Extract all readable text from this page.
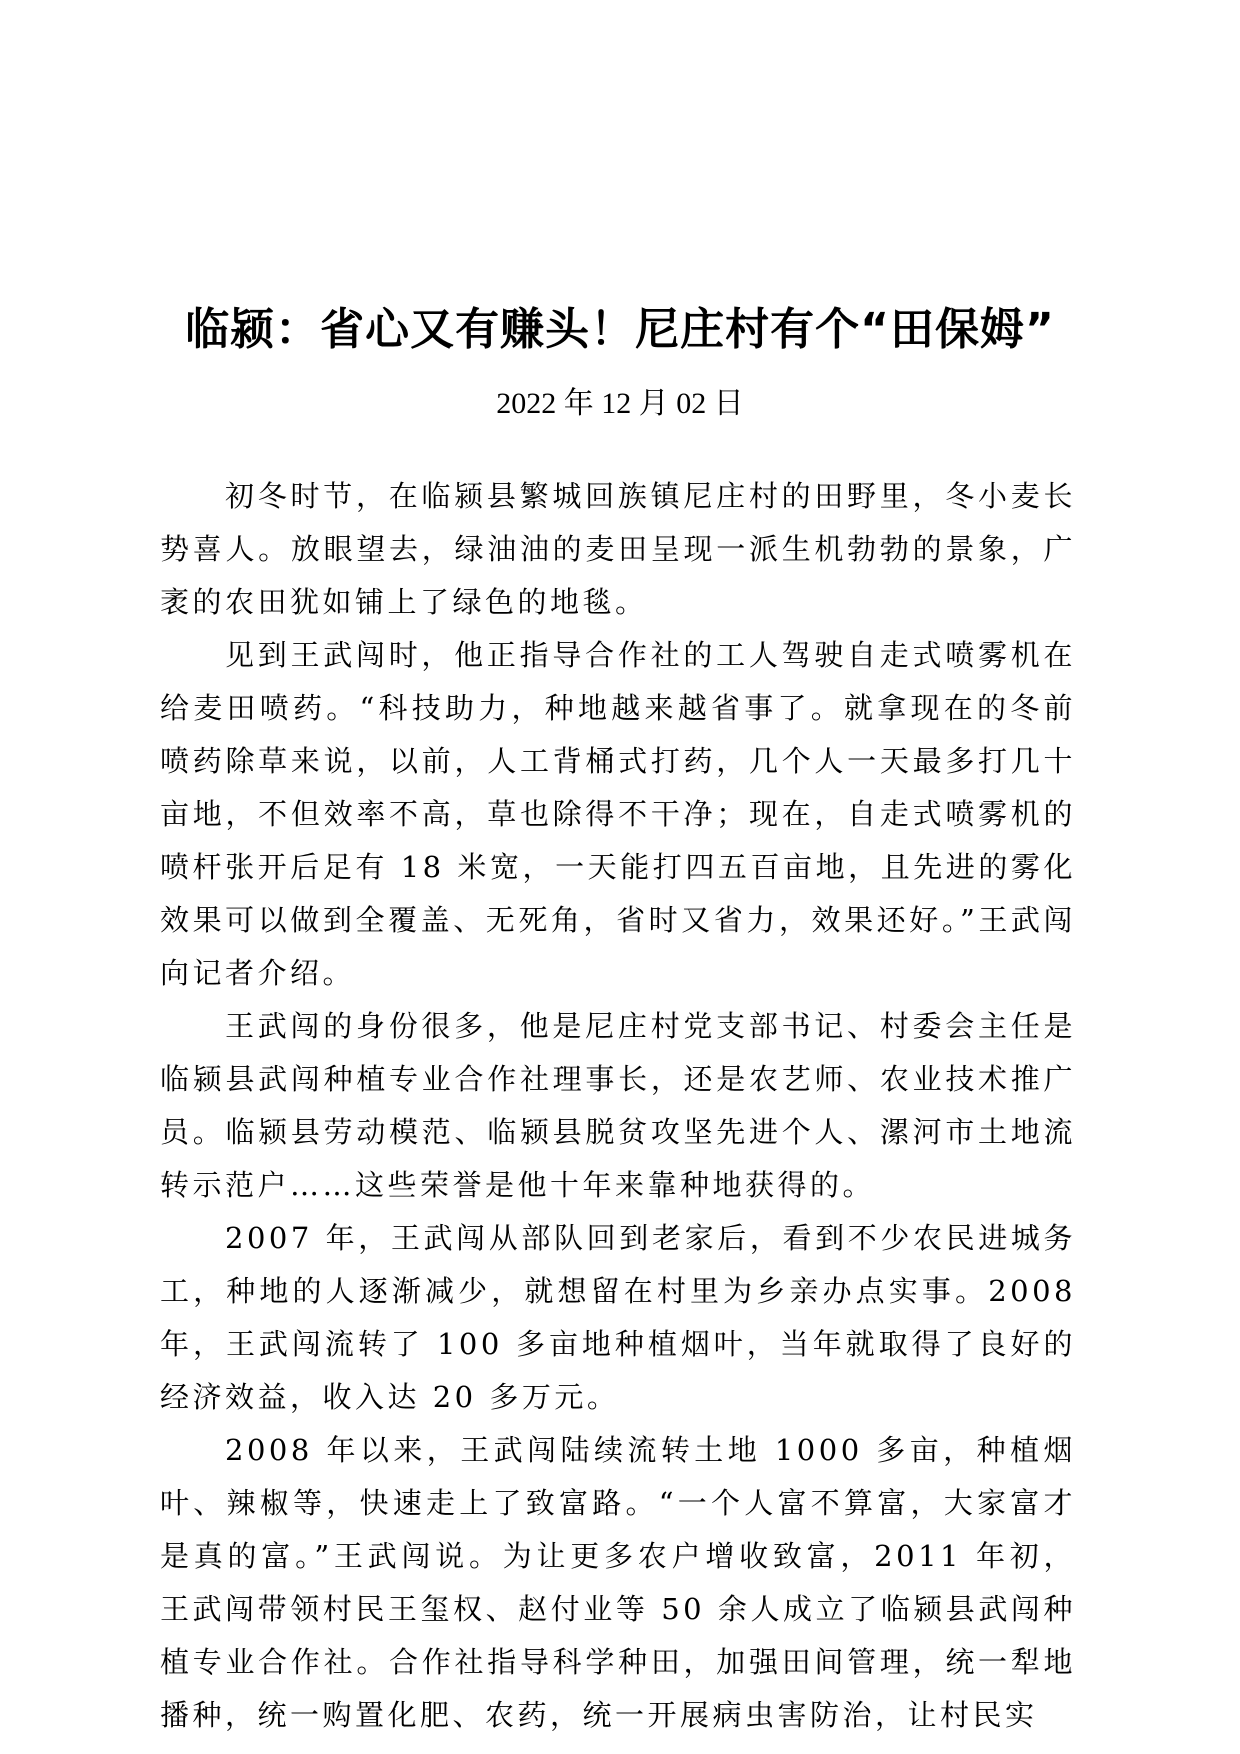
临颍：省心又有赚头！尼庄村有个“田保姆”
2022 年 12 月 02 日

初冬时节，在临颍县繁城回族镇尼庄村的田野里，冬小麦长势喜人。放眼望去，绿油油的麦田呈现一派生机勃勃的景象，广袤的农田犹如铺上了绿色的地毯。

见到王武闯时，他正指导合作社的工人驾驶自走式喷雾机在给麦田喷药。“科技助力，种地越来越省事了。就拿现在的冬前喷药除草来说，以前，人工背桶式打药，几个人一天最多打几十亩地，不但效率不高，草也除得不干净；现在，自走式喷雾机的喷杆张开后足有 18 米宽，一天能打四五百亩地，且先进的雾化效果可以做到全覆盖、无死角，省时又省力，效果还好。”王武闯向记者介绍。

王武闯的身份很多，他是尼庄村党支部书记、村委会主任是临颍县武闯种植专业合作社理事长，还是农艺师、农业技术推广员。临颍县劳动模范、临颍县脱贫攻坚先进个人、漯河市土地流转示范户……这些荣誉是他十年来靠种地获得的。

2007 年，王武闯从部队回到老家后，看到不少农民进城务工，种地的人逐渐减少，就想留在村里为乡亲办点实事。2008 年，王武闯流转了 100 多亩地种植烟叶，当年就取得了良好的经济效益，收入达 20 多万元。

2008 年以来，王武闯陆续流转土地 1000 多亩，种植烟叶、辣椒等，快速走上了致富路。“一个人富不算富，大家富才是真的富。”王武闯说。为让更多农户增收致富，2011 年初，王武闯带领村民王玺权、赵付业等 50 余人成立了临颍县武闯种植专业合作社。合作社指导科学种田，加强田间管理，统一犁地播种，统一购置化肥、农药，统一开展病虫害防治，让村民实
